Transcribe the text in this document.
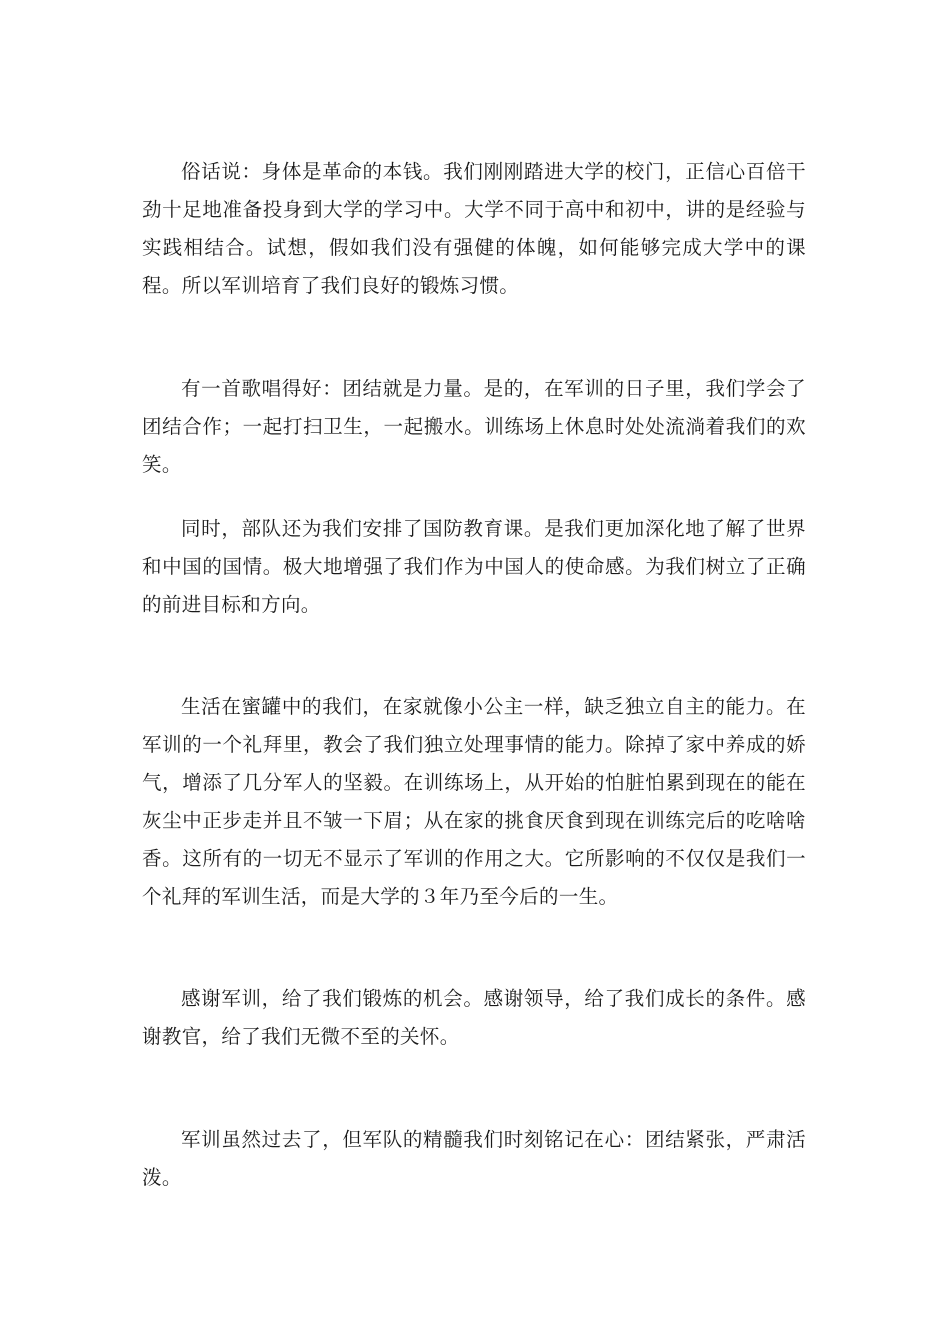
俗话说：身体是革命的本钱。我们刚刚踏进大学的校门，正信心百倍干劲十足地准备投身到大学的学习中。大学不同于高中和初中，讲的是经验与实践相结合。试想，假如我们没有强健的体魄，如何能够完成大学中的课程。所以军训培育了我们良好的锻炼习惯。

有一首歌唱得好：团结就是力量。是的，在军训的日子里，我们学会了团结合作；一起打扫卫生，一起搬水。训练场上休息时处处流淌着我们的欢笑。

同时，部队还为我们安排了国防教育课。是我们更加深化地了解了世界和中国的国情。极大地增强了我们作为中国人的使命感。为我们树立了正确的前进目标和方向。

生活在蜜罐中的我们，在家就像小公主一样，缺乏独立自主的能力。在军训的一个礼拜里，教会了我们独立处理事情的能力。除掉了家中养成的娇气，增添了几分军人的坚毅。在训练场上，从开始的怕脏怕累到现在的能在灰尘中正步走并且不皱一下眉；从在家的挑食厌食到现在训练完后的吃啥啥香。这所有的一切无不显示了军训的作用之大。它所影响的不仅仅是我们一个礼拜的军训生活，而是大学的３年乃至今后的一生。

感谢军训，给了我们锻炼的机会。感谢领导，给了我们成长的条件。感谢教官，给了我们无微不至的关怀。

军训虽然过去了，但军队的精髓我们时刻铭记在心：团结紧张，严肃活泼。
